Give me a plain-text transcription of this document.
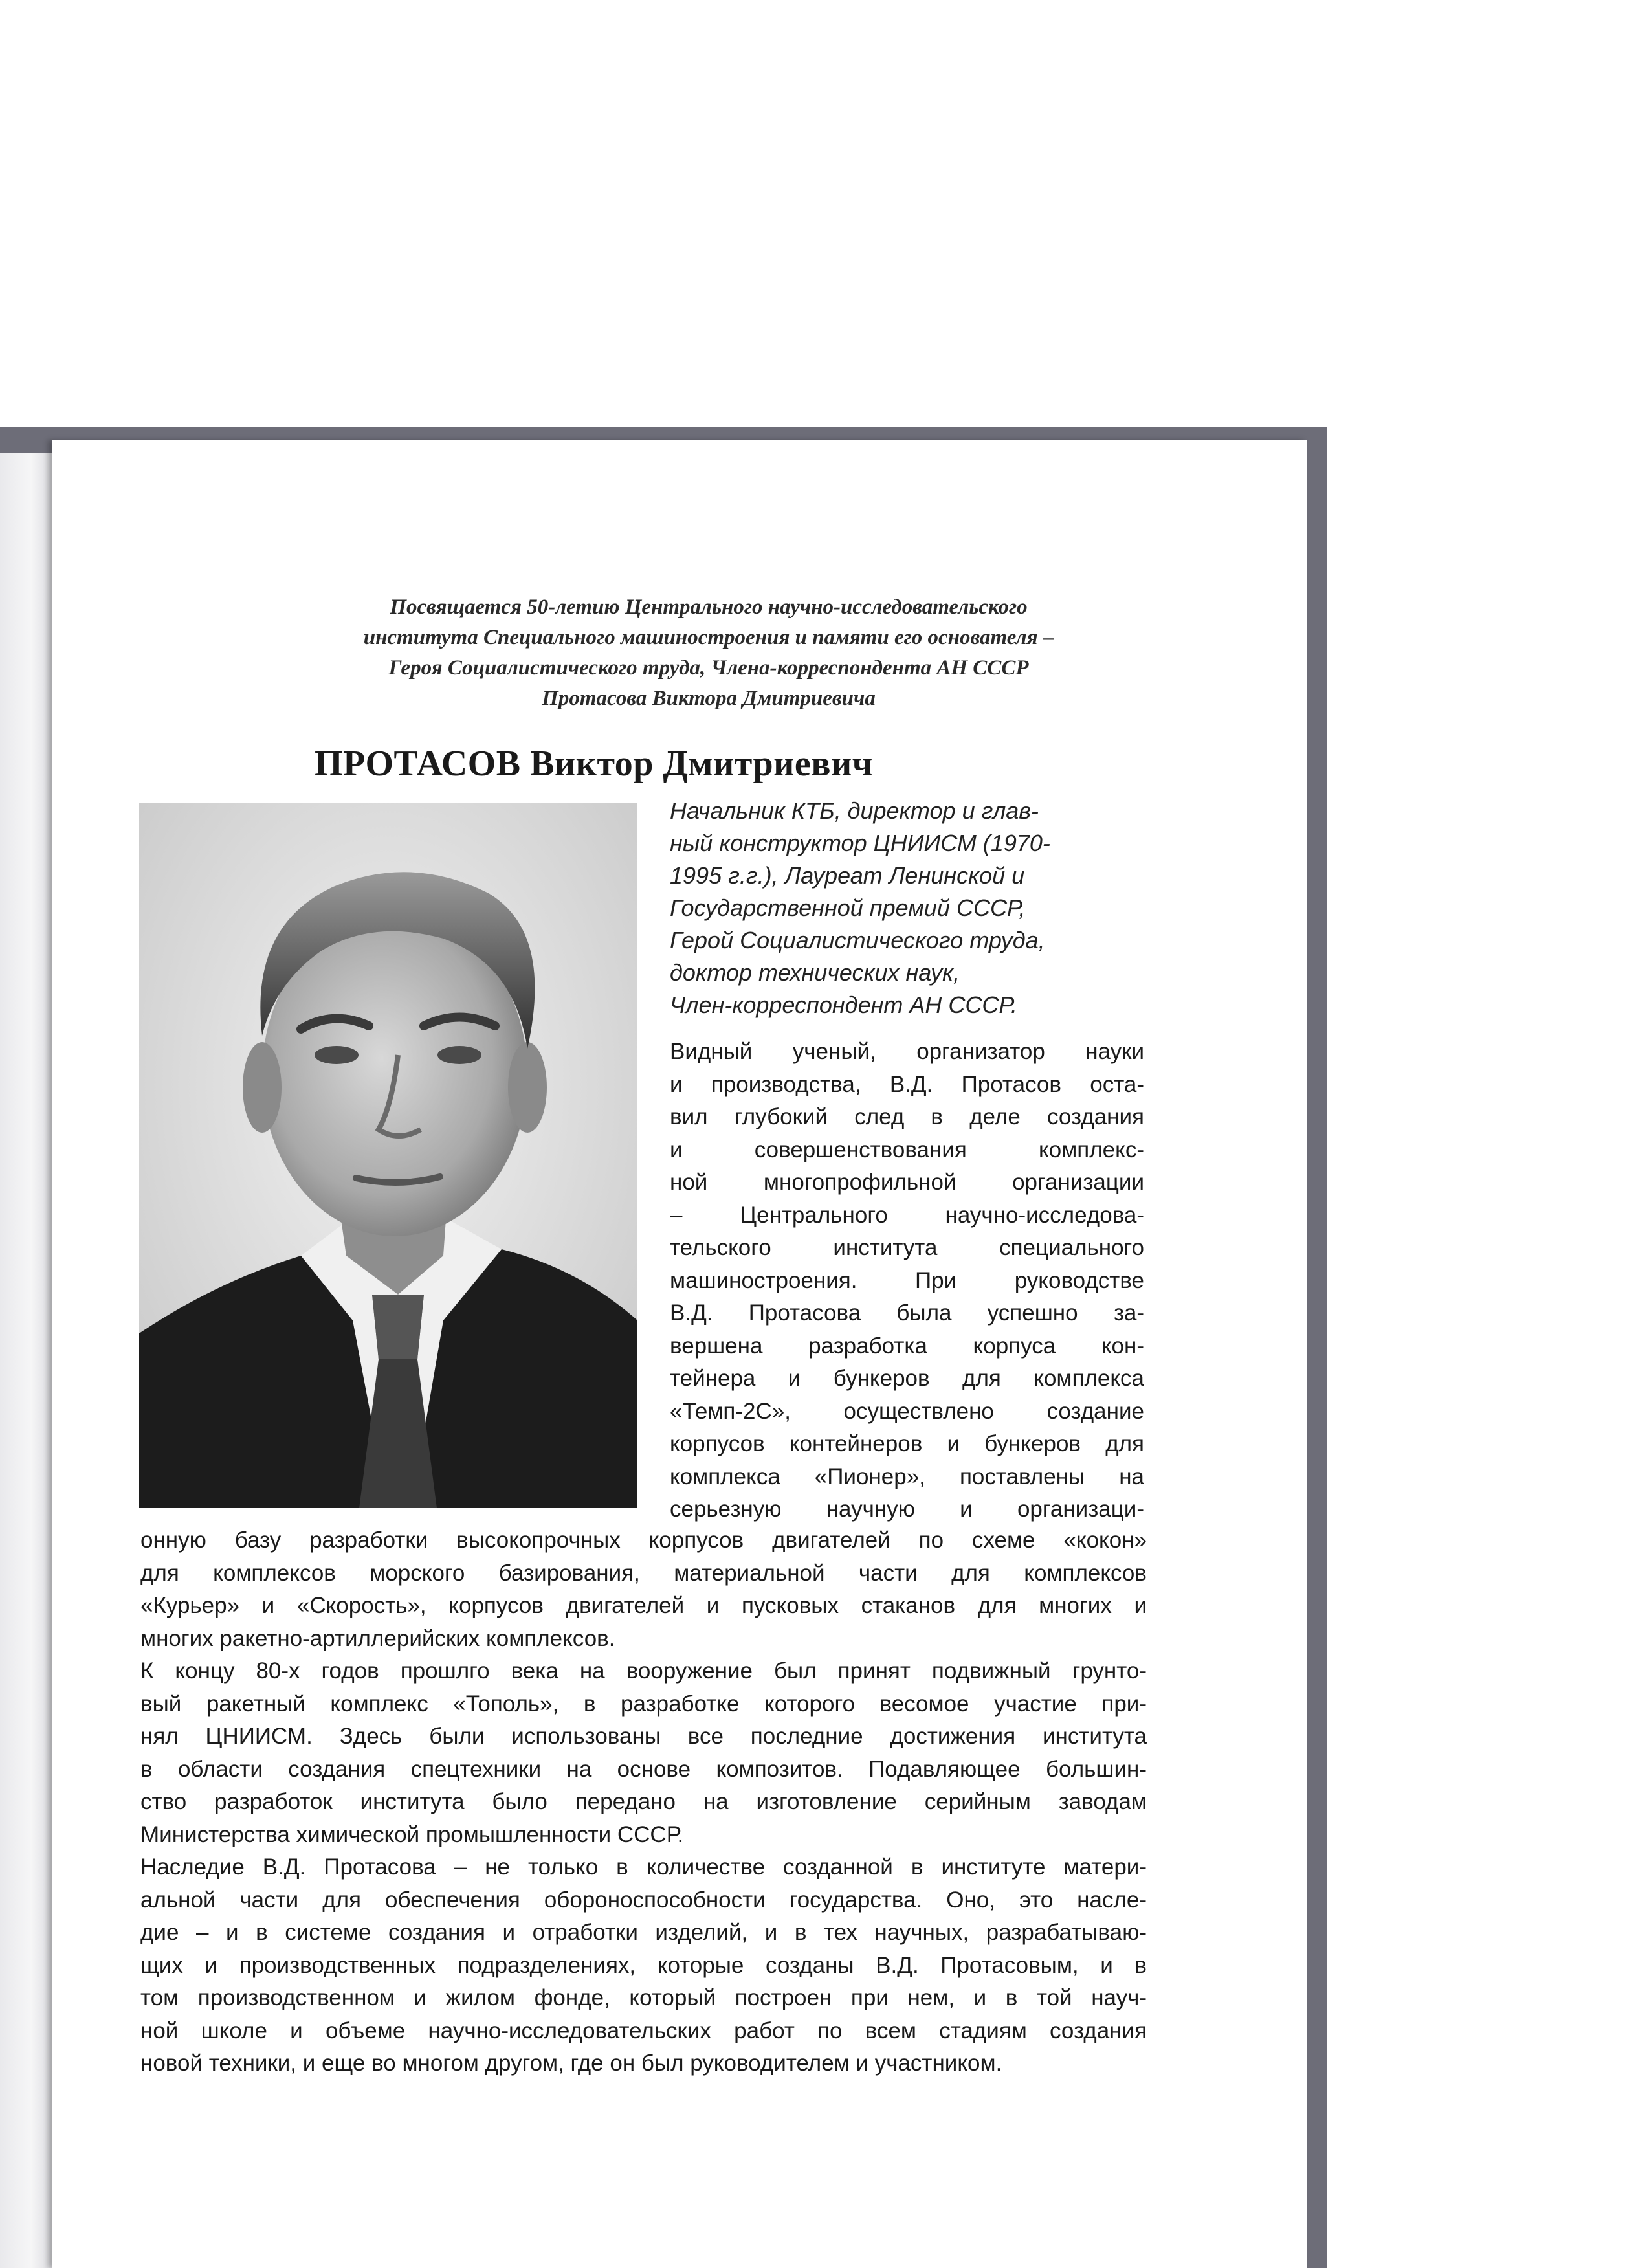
Посвящается 50-летию Центрального научно-исследовательского
института Специального машиностроения и памяти его основателя –
Героя Социалистического труда, Члена-корреспондента АН СССР
Протасова Виктора Дмитриевича
ПРОТАСОВ Виктор Дмитриевич
Начальник КТБ, директор и глав-
ный конструктор ЦНИИСМ (1970-
1995 г.г.), Лауреат Ленинской и
Государственной премий СССР,
Герой Социалистического труда,
доктор технических наук,
Член-корреспондент АН СССР.
Видный ученый, организатор науки
и производства, В.Д. Протасов оста-
вил глубокий след в деле создания
и совершенствования комплекс-
ной многопрофильной организации
– Центрального научно-исследова-
тельского института специального
машиностроения. При руководстве
В.Д. Протасова была успешно за-
вершена разработка корпуса кон-
тейнера и бункеров для комплекса
«Темп-2С», осуществлено создание
корпусов контейнеров и бункеров для
комплекса «Пионер», поставлены на
серьезную научную и организаци-
онную базу разработки высокопрочных корпусов двигателей по схеме «кокон»
для комплексов морского базирования, материальной части для комплексов
«Курьер» и «Скорость», корпусов двигателей и пусковых стаканов для многих и
многих ракетно-артиллерийских комплексов.
К концу 80-х годов прошлго века на вооружение был принят подвижный грунто-
вый ракетный комплекс «Тополь», в разработке которого весомое участие при-
нял ЦНИИСМ. Здесь были использованы все последние достижения института
в области создания спецтехники на основе композитов. Подавляющее большин-
ство разработок института было передано на изготовление серийным заводам
Министерства химической промышленности СССР.
Наследие В.Д. Протасова – не только в количестве созданной в институте матери-
альной части для обеспечения обороноспособности государства. Оно, это насле-
дие – и в системе создания и отработки изделий, и в тех научных, разрабатываю-
щих и производственных подразделениях, которые созданы В.Д. Протасовым, и в
том производственном и жилом фонде, который построен при нем, и в той науч-
ной школе и объеме научно-исследовательских работ по всем стадиям создания
новой техники, и еще во многом другом, где он был руководителем и участником.
